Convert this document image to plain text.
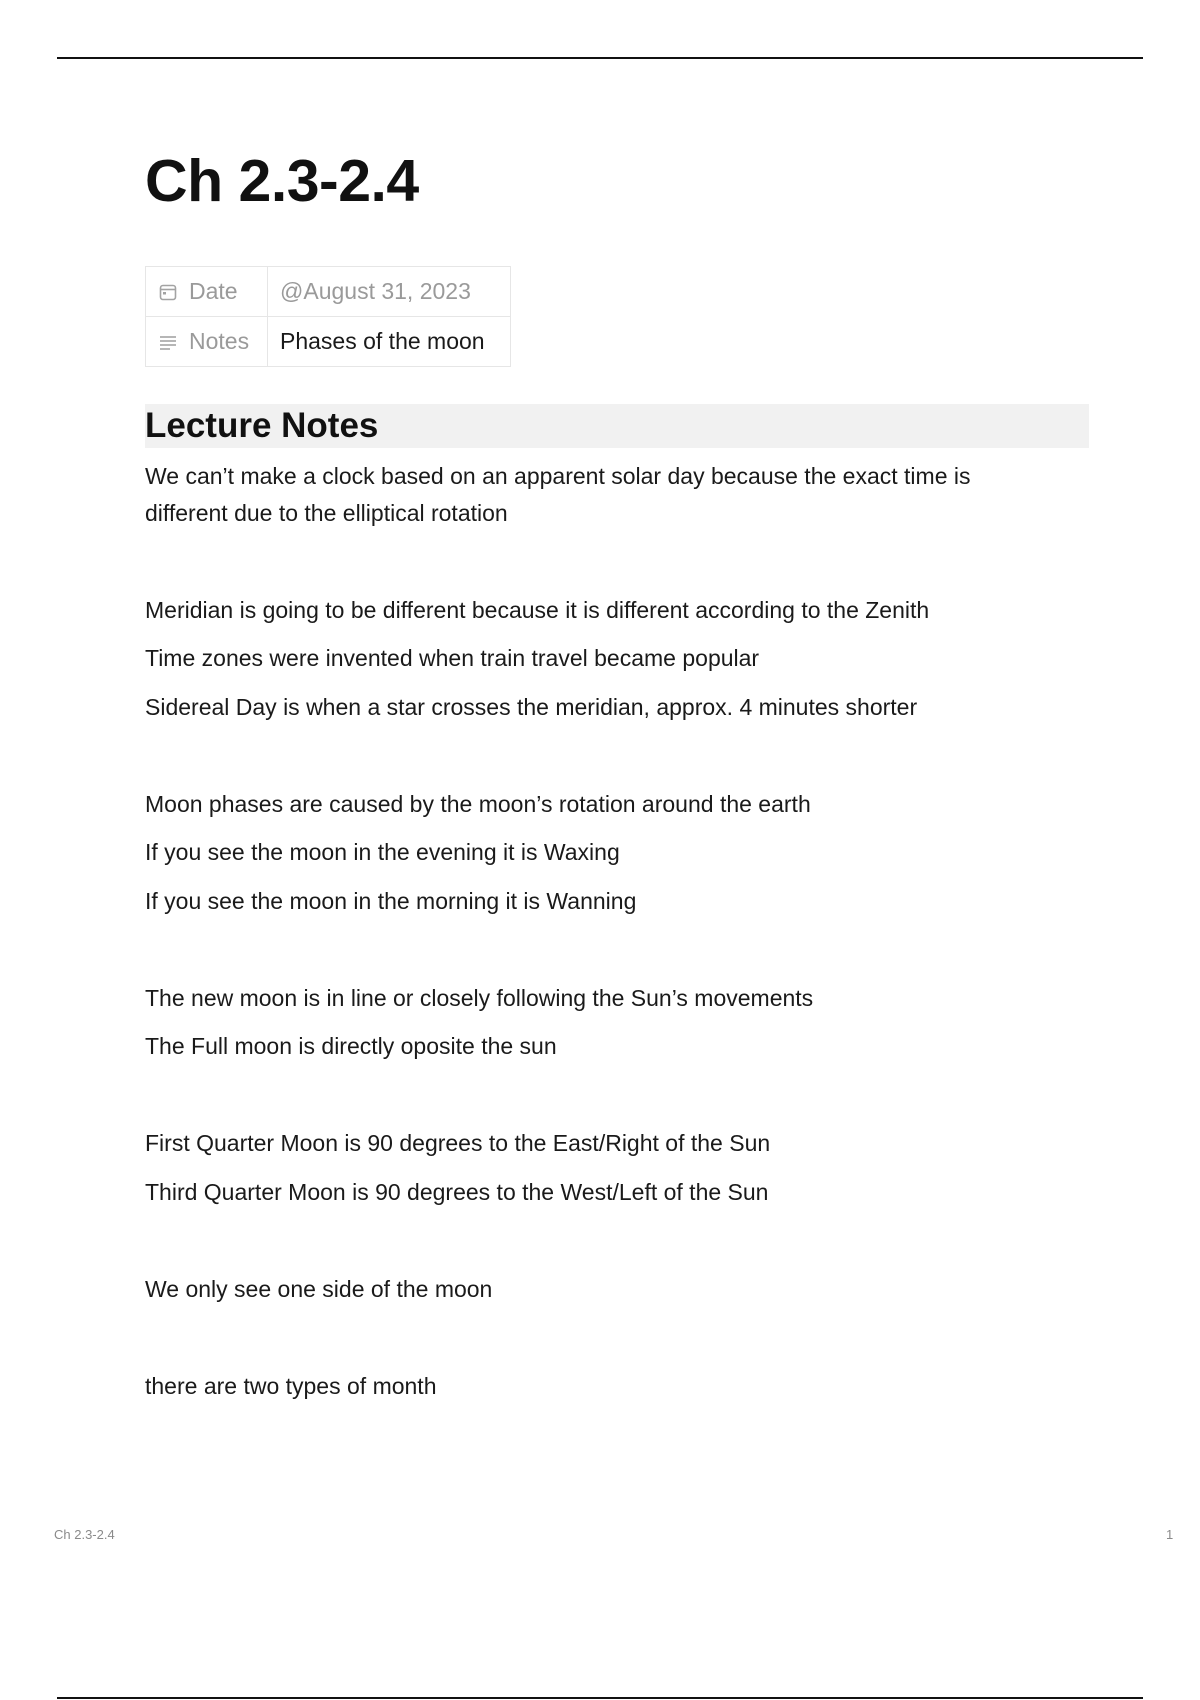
Ch 2.3-2.4
Date	@August 31, 2023
Notes	Phases of the moon
Lecture Notes

We can’t make a clock based on an apparent solar day because the exact time is different due to the elliptical rotation

Meridian is going to be different because it is different according to the Zenith

Time zones were invented when train travel became popular

Sidereal Day is when a star crosses the meridian, approx. 4 minutes shorter

Moon phases are caused by the moon’s rotation around the earth

If you see the moon in the evening it is Waxing

If you see the moon in the morning it is Wanning

The new moon is in line or closely following the Sun’s movements

The Full moon is directly oposite the sun

First Quarter Moon is 90 degrees to the East/Right of the Sun

Third Quarter Moon is 90 degrees to the West/Left of the Sun

We only see one side of the moon

there are two types of month

Ch 2.3-2.4	1
